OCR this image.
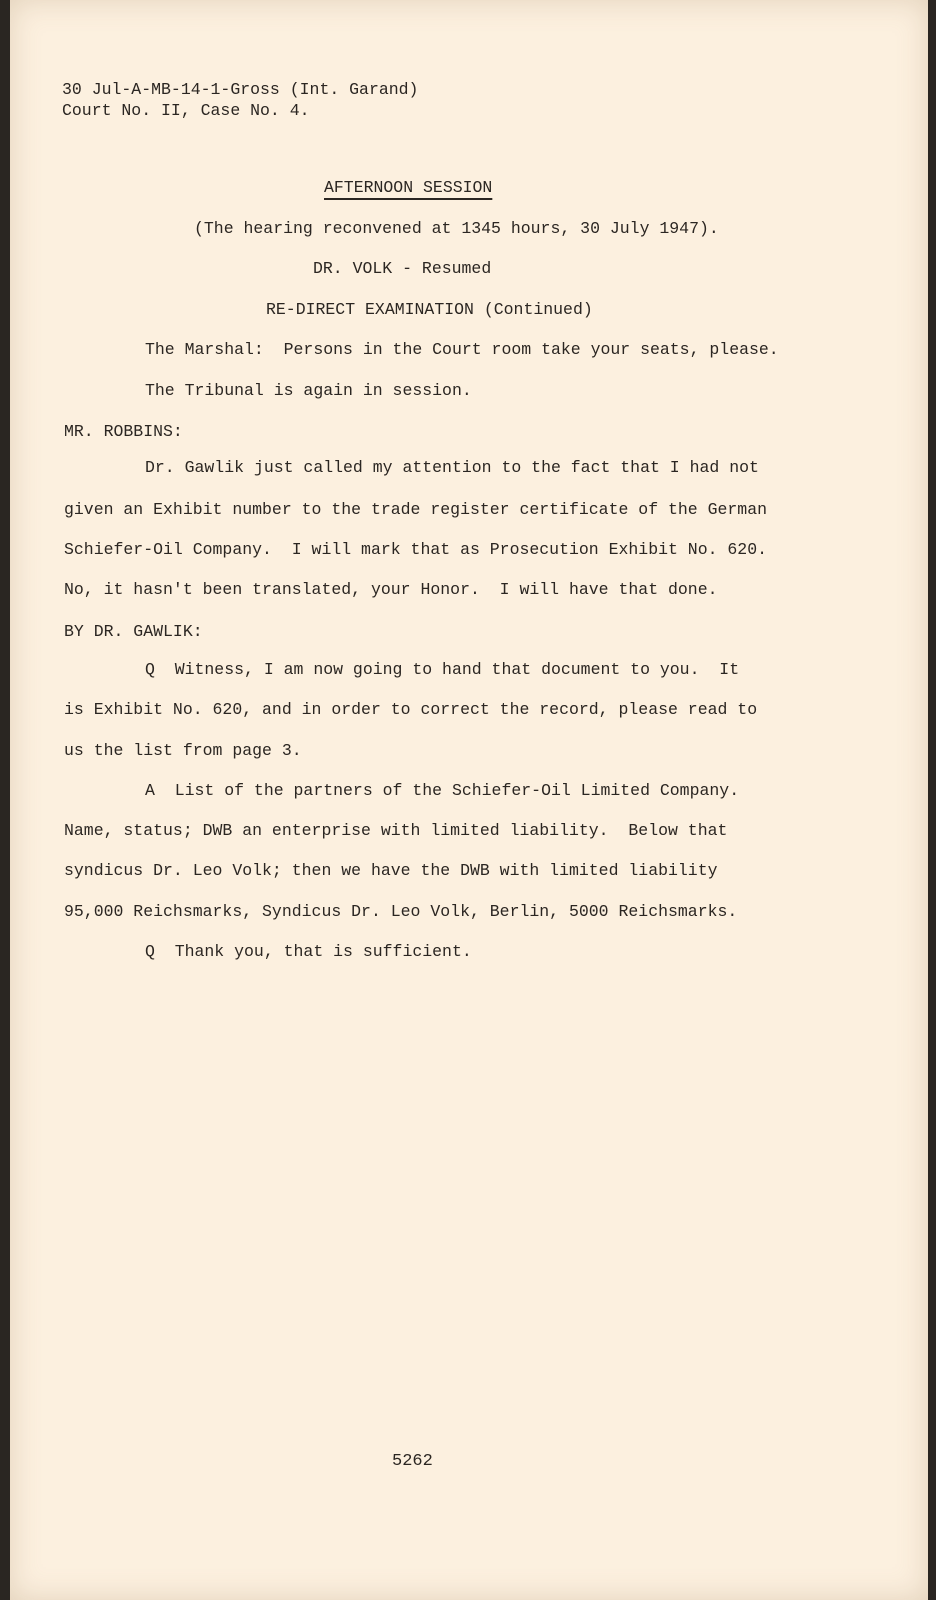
30 Jul-A-MB-14-1-Gross (Int. Garand)
Court No. II, Case No. 4.
AFTERNOON SESSION
(The hearing reconvened at 1345 hours, 30 July 1947).
DR. VOLK - Resumed
RE-DIRECT EXAMINATION (Continued)
The Marshal:  Persons in the Court room take your seats, please.
The Tribunal is again in session.
MR. ROBBINS:
Dr. Gawlik just called my attention to the fact that I had not
given an Exhibit number to the trade register certificate of the German
Schiefer-Oil Company.  I will mark that as Prosecution Exhibit No. 620.
No, it hasn't been translated, your Honor.  I will have that done.
BY DR. GAWLIK:
Q  Witness, I am now going to hand that document to you.  It
is Exhibit No. 620, and in order to correct the record, please read to
us the list from page 3.
A  List of the partners of the Schiefer-Oil Limited Company.
Name, status; DWB an enterprise with limited liability.  Below that
syndicus Dr. Leo Volk; then we have the DWB with limited liability
95,000 Reichsmarks, Syndicus Dr. Leo Volk, Berlin, 5000 Reichsmarks.
Q  Thank you, that is sufficient.
5262
